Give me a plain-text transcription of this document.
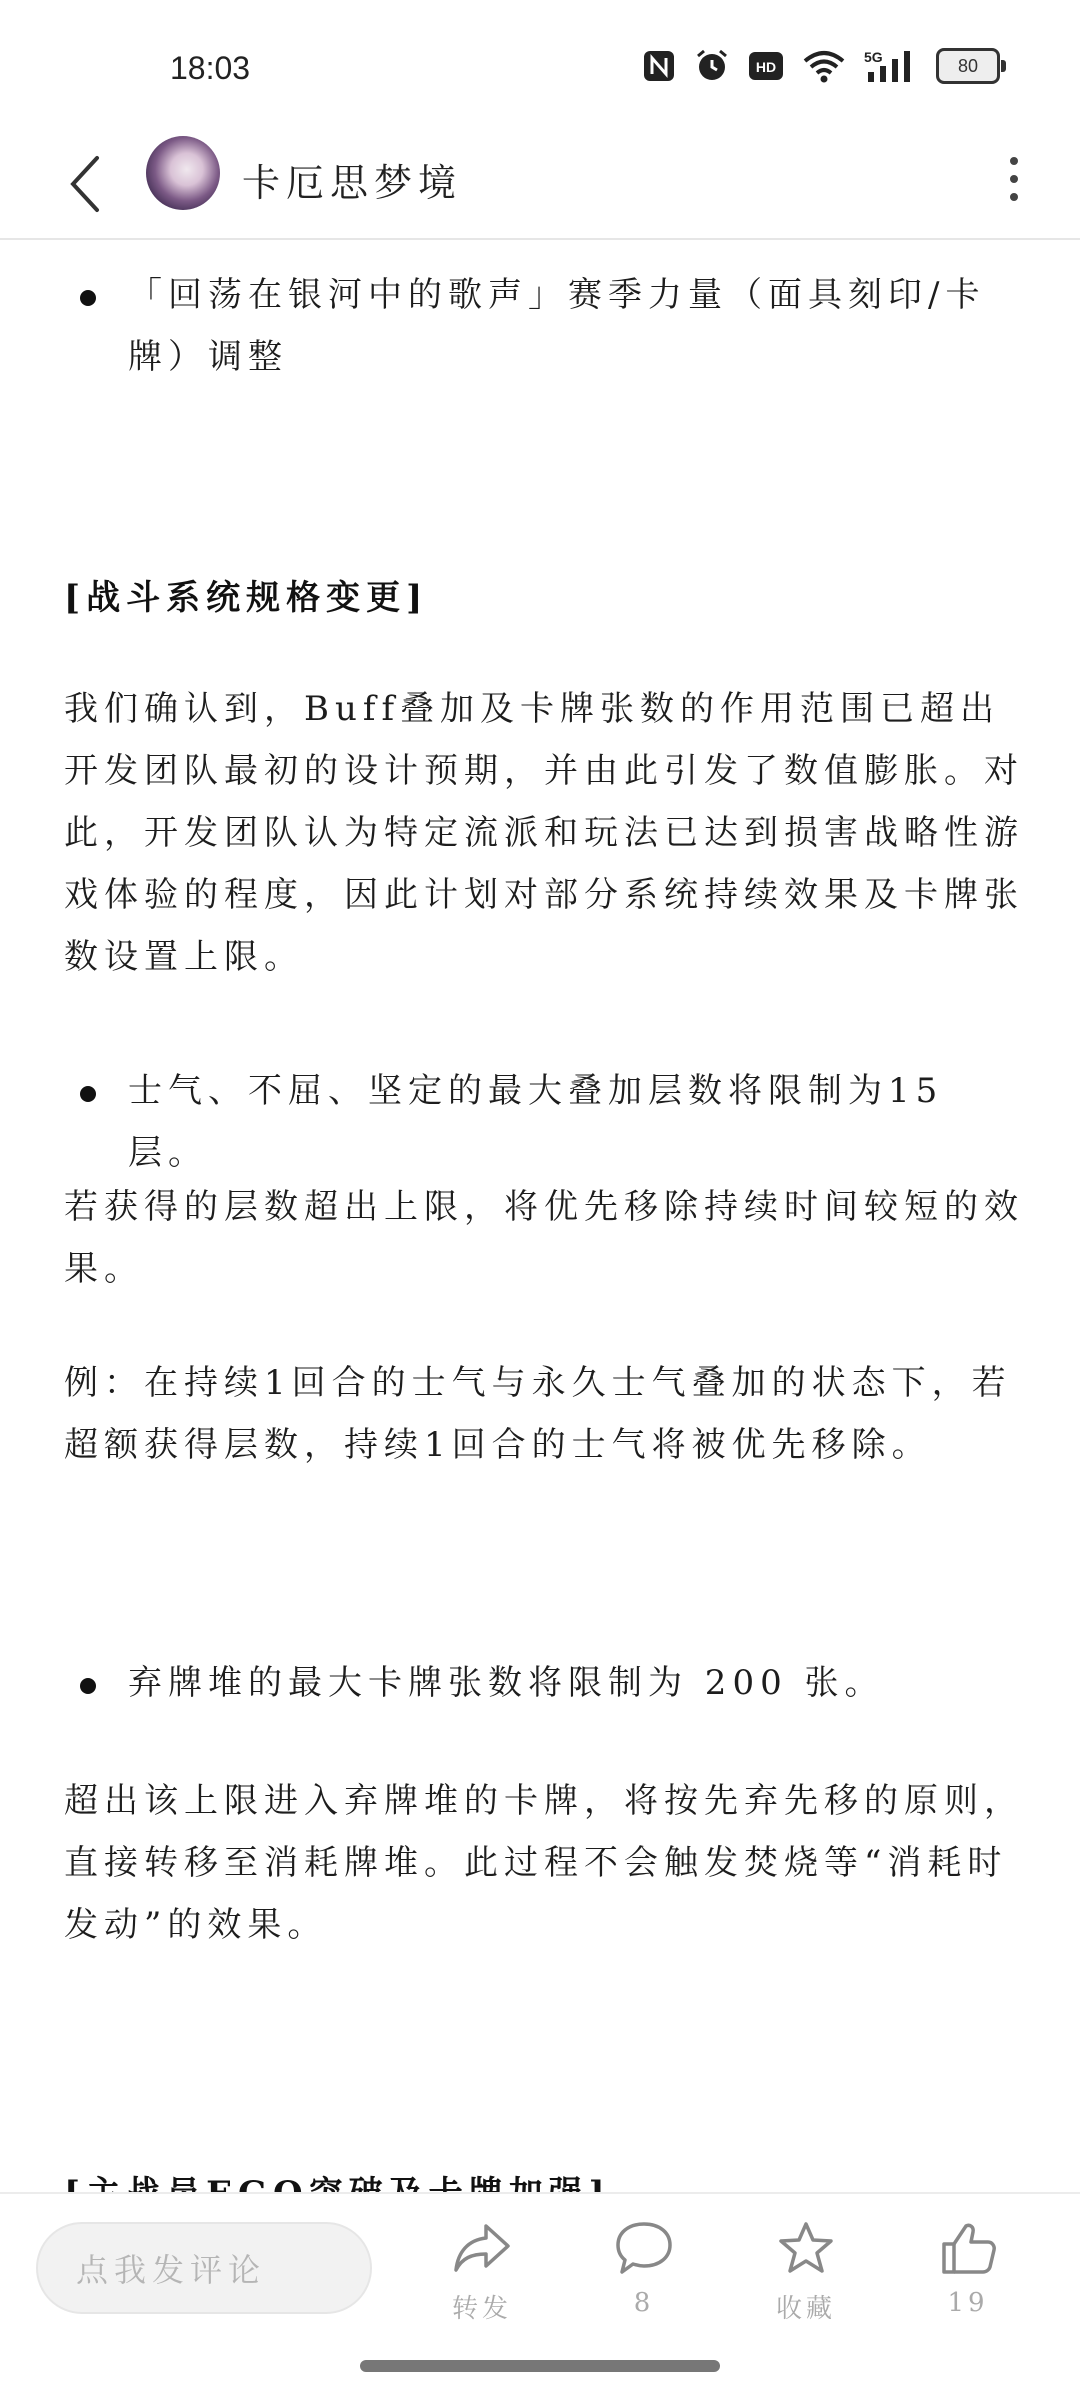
18:03	HD
5G	80
卡厄思梦境

「回荡在银河中的歌声」赛季力量（面具刻印/卡牌）调整

[战斗系统规格变更]

我们确认到，Buff叠加及卡牌张数的作用范围已超出开发团队最初的设计预期，并由此引发了数值膨胀。对此，开发团队认为特定流派和玩法已达到损害战略性游戏体验的程度，因此计划对部分系统持续效果及卡牌张数设置上限。

士气、不屈、坚定的最大叠加层数将限制为15层。

若获得的层数超出上限，将优先移除持续时间较短的效果。

例：在持续1回合的士气与永久士气叠加的状态下，若超额获得层数，持续1回合的士气将被优先移除。

弃牌堆的最大卡牌张数将限制为 200 张。

超出该上限进入弃牌堆的卡牌，将按先弃先移的原则，直接转移至消耗牌堆。此过程不会触发焚烧等“消耗时发动”的效果。

点我发评论
转发	8	收藏	19
